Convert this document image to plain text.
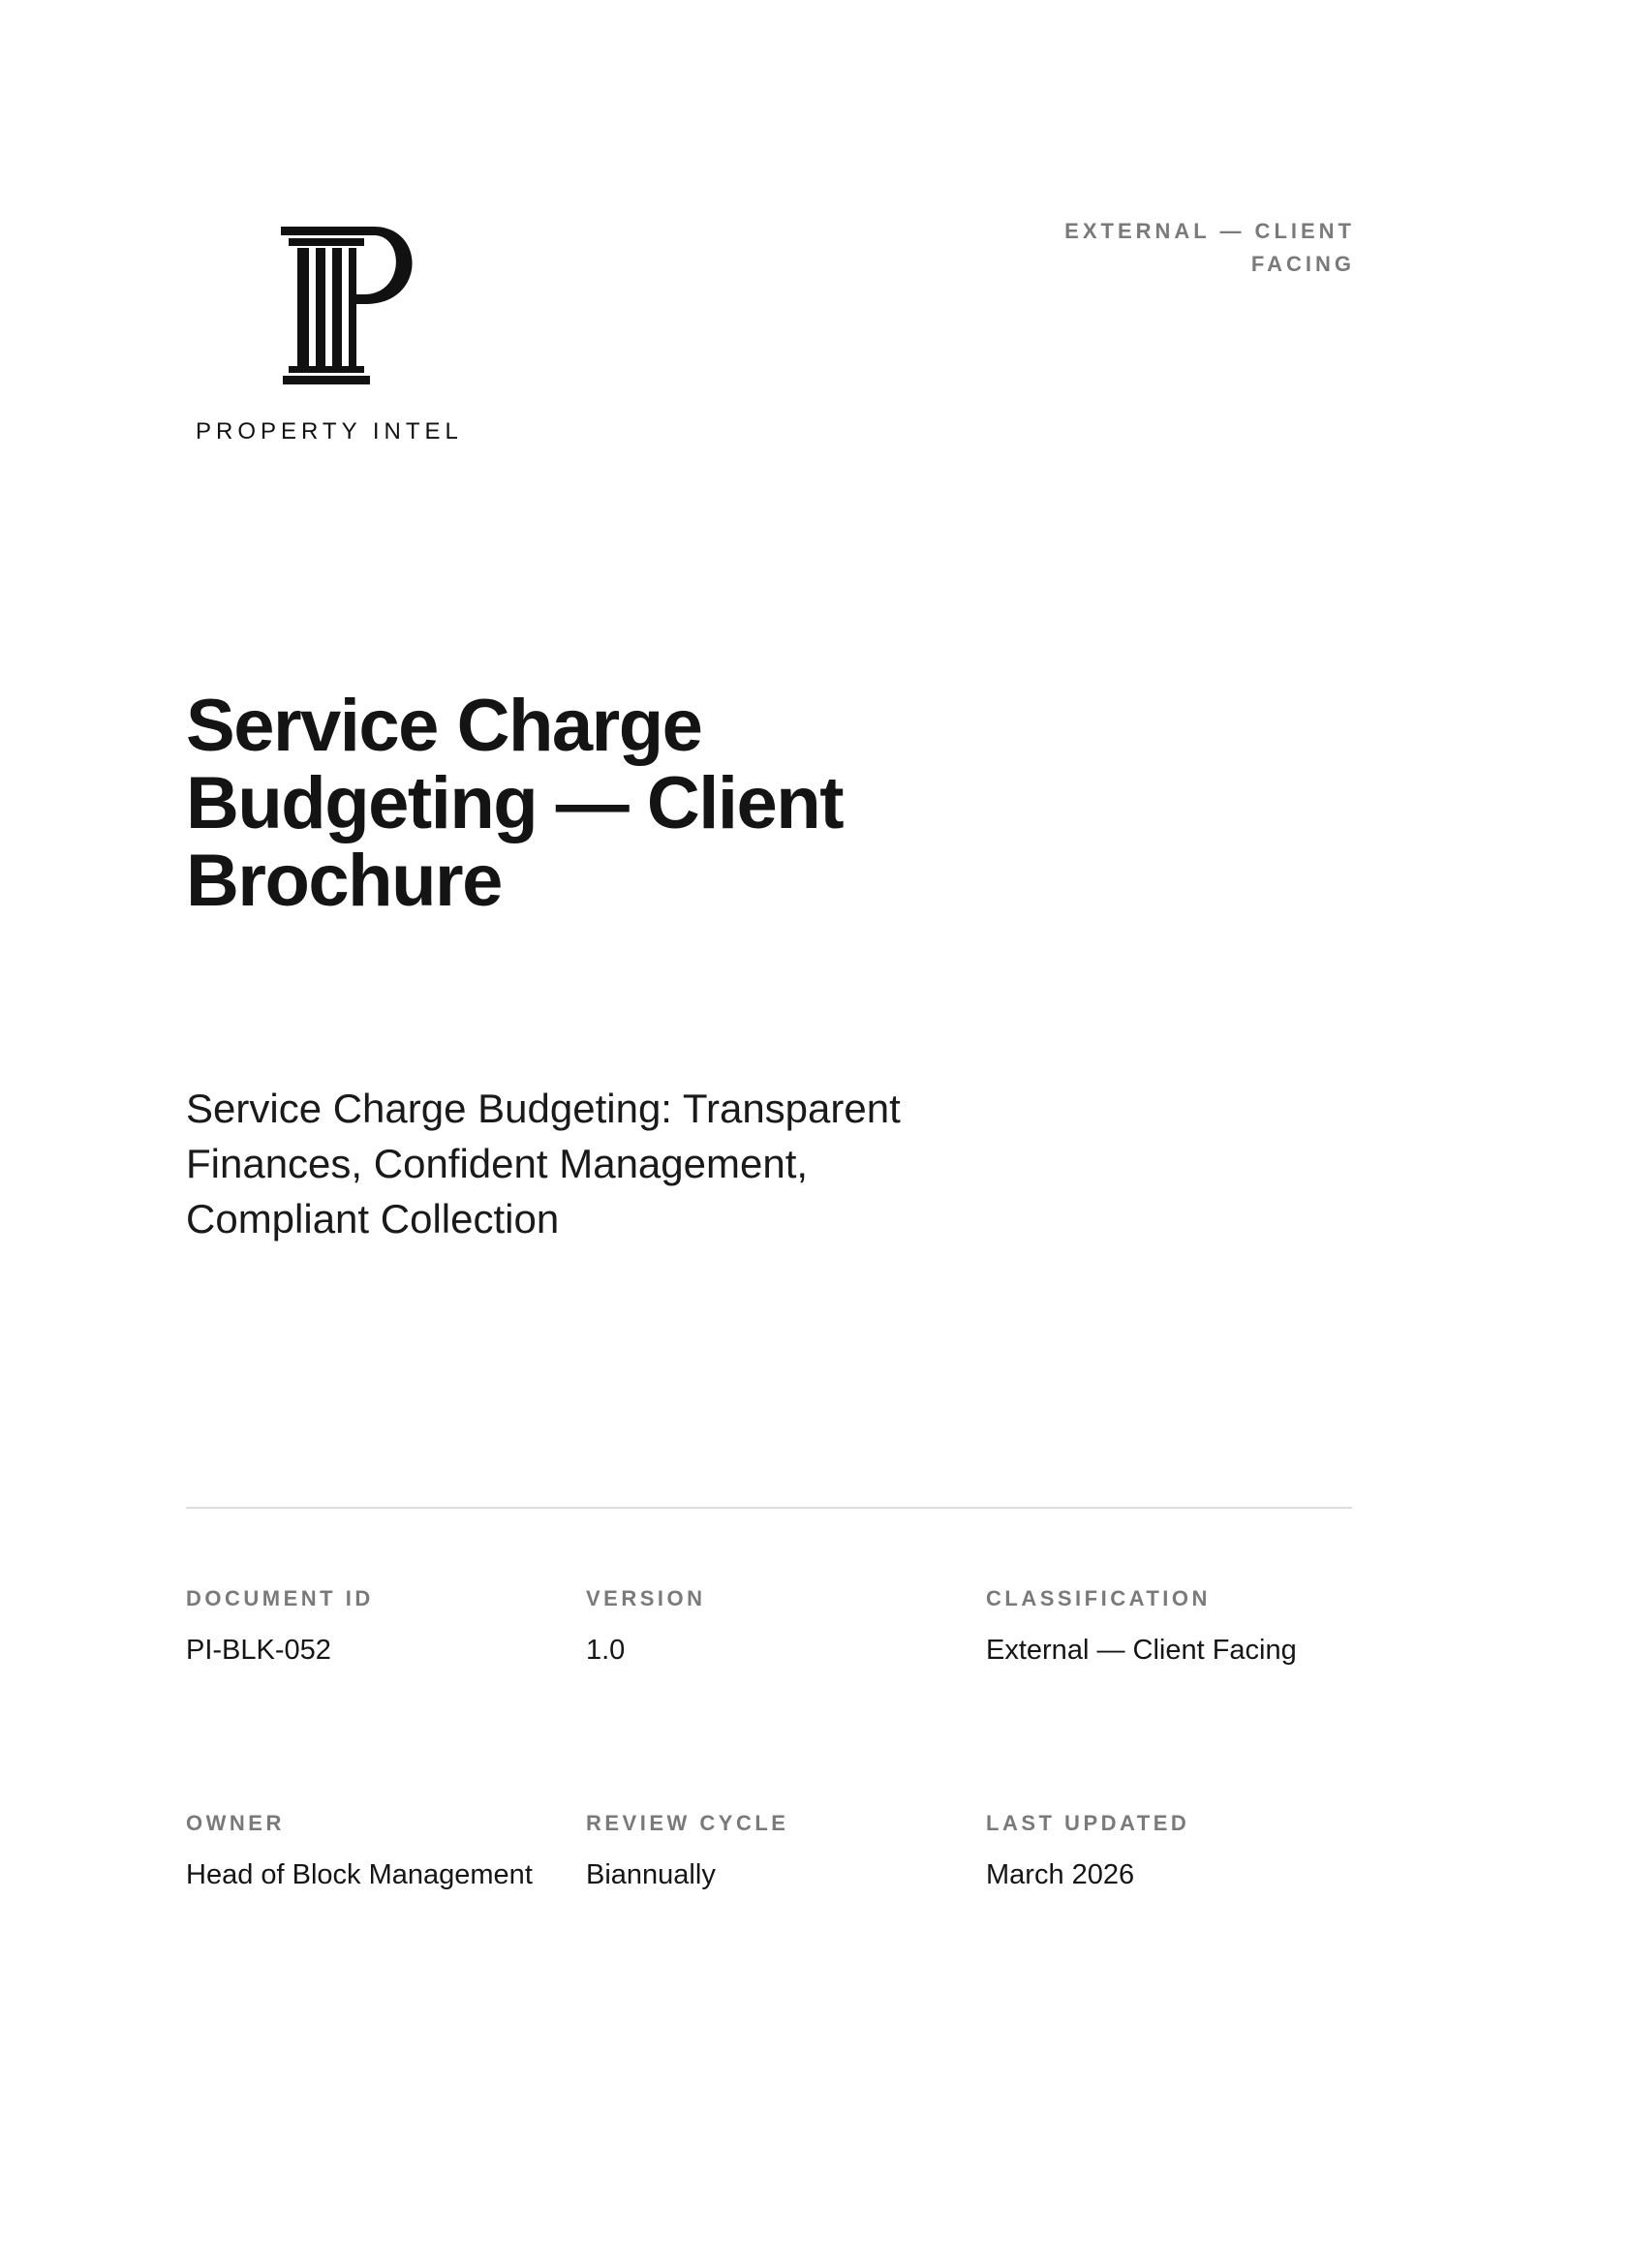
PROPERTY INTEL
EXTERNAL — CLIENT FACING
Service Charge Budgeting — Client Brochure
Service Charge Budgeting: Transparent Finances, Confident Management, Compliant Collection
DOCUMENT ID
PI-BLK-052
VERSION
1.0
CLASSIFICATION
External — Client Facing
OWNER
Head of Block Management
REVIEW CYCLE
Biannually
LAST UPDATED
March 2026
